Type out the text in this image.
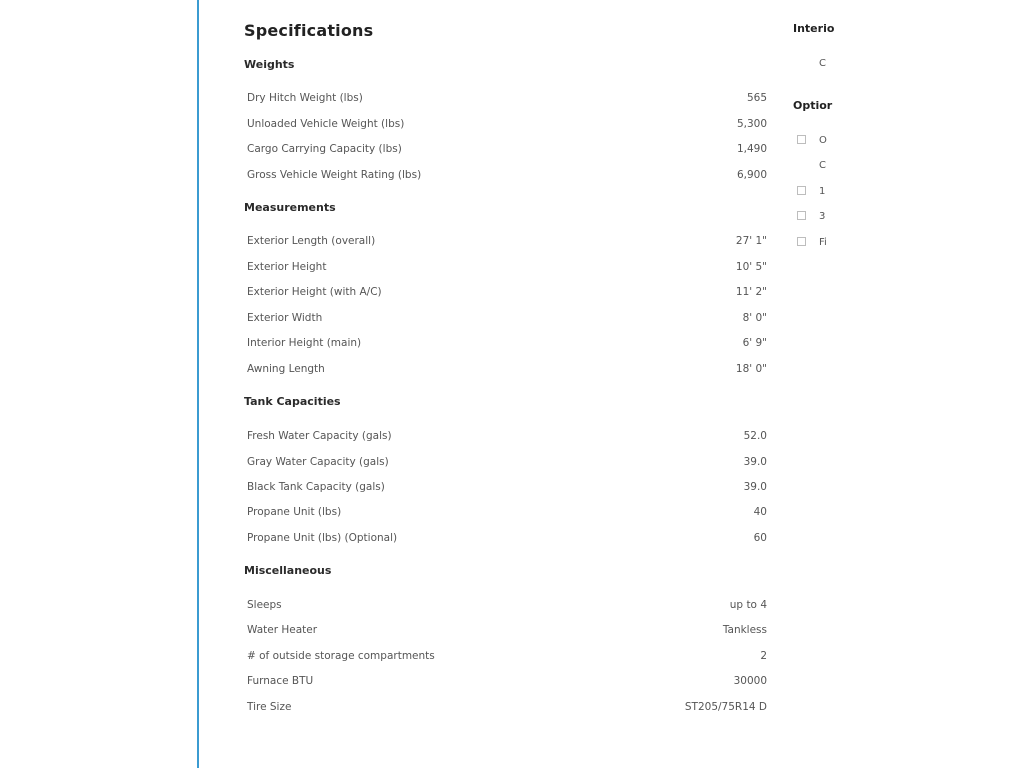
Specifications
Weights
Dry Hitch Weight (lbs)	565
Unloaded Vehicle Weight (lbs)	5,300
Cargo Carrying Capacity (lbs)	1,490
Gross Vehicle Weight Rating (lbs)	6,900
Measurements
Exterior Length (overall)	27' 1"
Exterior Height	10' 5"
Exterior Height (with A/C)	11' 2"
Exterior Width	8' 0"
Interior Height (main)	6' 9"
Awning Length	18' 0"
Tank Capacities
Fresh Water Capacity (gals)	52.0
Gray Water Capacity (gals)	39.0
Black Tank Capacity (gals)	39.0
Propane Unit (lbs)	40
Propane Unit (lbs) (Optional)	60
Miscellaneous
Sleeps	up to 4
Water Heater	Tankless
# of outside storage compartments	2
Furnace BTU	30000
Tire Size	ST205/75R14 D
Interio
C
Optior
O
C
1
3
Fi
